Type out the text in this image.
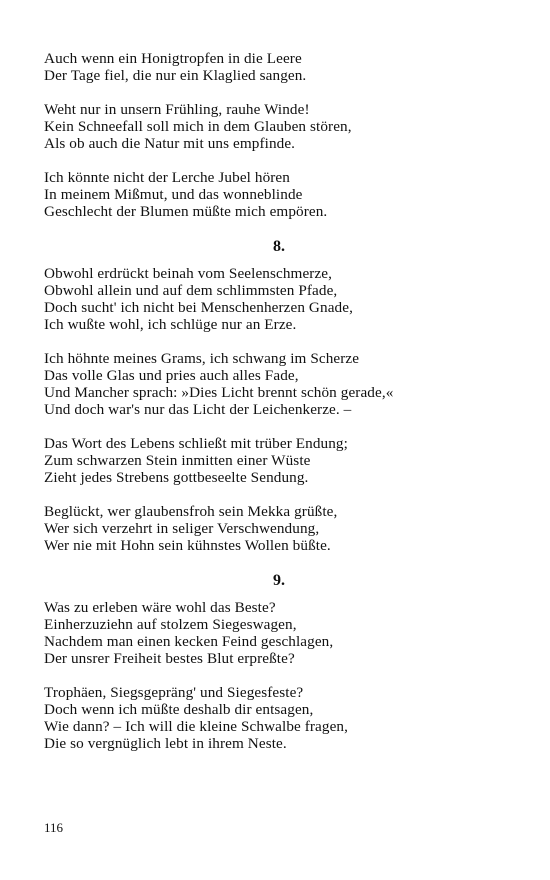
Auch wenn ein Honigtropfen in die Leere
Der Tage fiel, die nur ein Klaglied sangen.
Weht nur in unsern Frühling, rauhe Winde!
Kein Schneefall soll mich in dem Glauben stören,
Als ob auch die Natur mit uns empfinde.
Ich könnte nicht der Lerche Jubel hören
In meinem Mißmut, und das wonneblinde
Geschlecht der Blumen müßte mich empören.
8.
Obwohl erdrückt beinah vom Seelenschmerze,
Obwohl allein und auf dem schlimmsten Pfade,
Doch sucht' ich nicht bei Menschenherzen Gnade,
Ich wußte wohl, ich schlüge nur an Erze.
Ich höhnte meines Grams, ich schwang im Scherze
Das volle Glas und pries auch alles Fade,
Und Mancher sprach: »Dies Licht brennt schön gerade,«
Und doch war's nur das Licht der Leichenkerze. –
Das Wort des Lebens schließt mit trüber Endung;
Zum schwarzen Stein inmitten einer Wüste
Zieht jedes Strebens gottbeseelte Sendung.
Beglückt, wer glaubensfroh sein Mekka grüßte,
Wer sich verzehrt in seliger Verschwendung,
Wer nie mit Hohn sein kühnstes Wollen büßte.
9.
Was zu erleben wäre wohl das Beste?
Einherzuziehn auf stolzem Siegeswagen,
Nachdem man einen kecken Feind geschlagen,
Der unsrer Freiheit bestes Blut erpreßte?
Trophäen, Siegsgepräng' und Siegesfeste?
Doch wenn ich müßte deshalb dir entsagen,
Wie dann? – Ich will die kleine Schwalbe fragen,
Die so vergnüglich lebt in ihrem Neste.
116
